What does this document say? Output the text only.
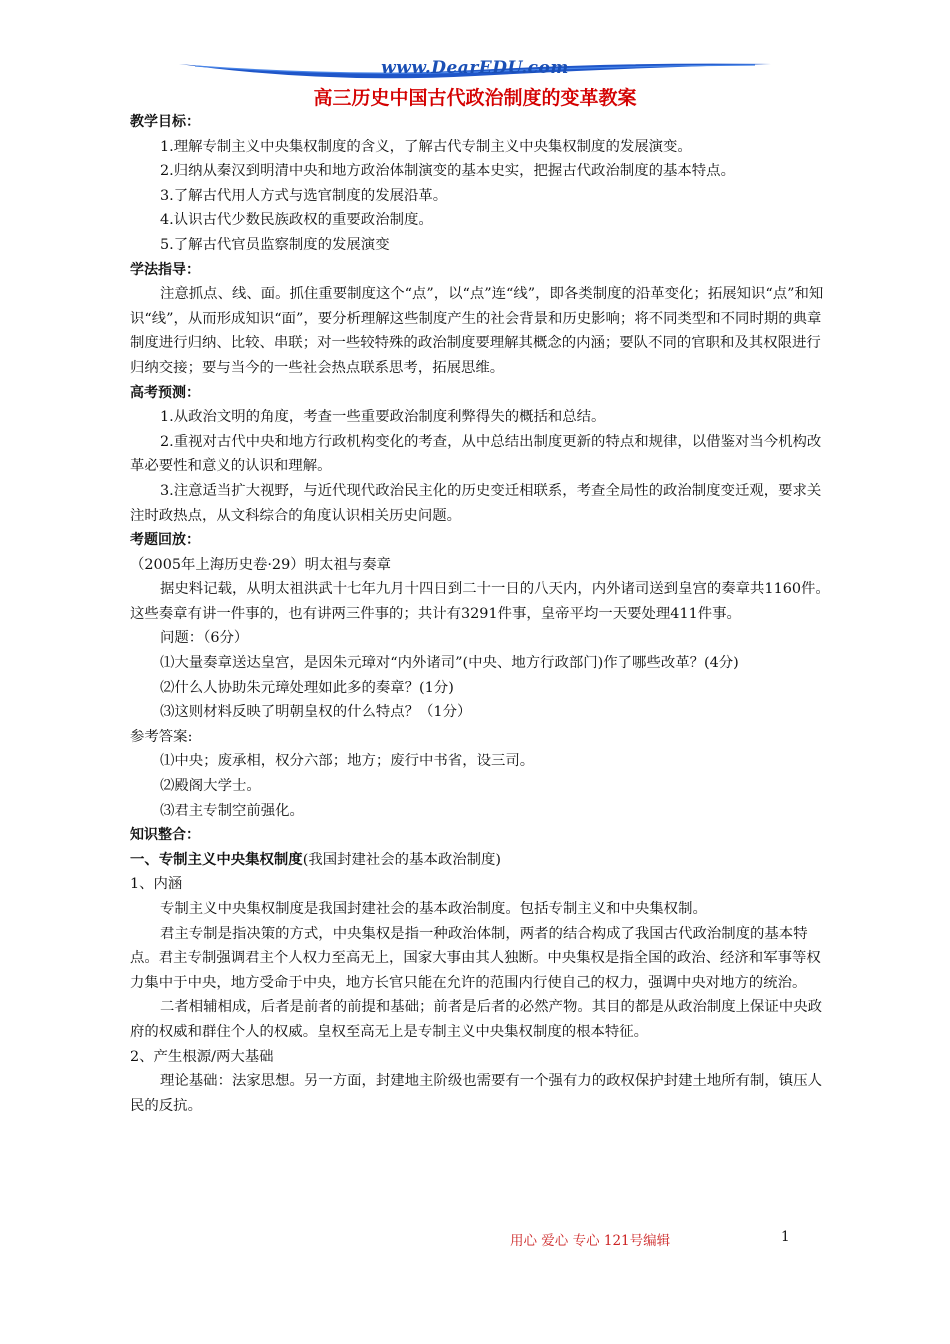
www.DearEDU.com
高三历史中国古代政治制度的变革教案

教学目标：

1.理解专制主义中央集权制度的含义，了解古代专制主义中央集权制度的发展演变。

2.归纳从秦汉到明清中央和地方政治体制演变的基本史实，把握古代政治制度的基本特点。

3.了解古代用人方式与选官制度的发展沿革。

4.认识古代少数民族政权的重要政治制度。

5.了解古代官员监察制度的发展演变

学法指导：

注意抓点、线、面。抓住重要制度这个“点”，以“点”连“线”，即各类制度的沿革变化；拓展知识“点”和知识“线”，从而形成知识“面”，要分析理解这些制度产生的社会背景和历史影响；将不同类型和不同时期的典章制度进行归纳、比较、串联；对一些较特殊的政治制度要理解其概念的内涵；要队不同的官职和及其权限进行归纳交接；要与当今的一些社会热点联系思考，拓展思维。

高考预测：

1.从政治文明的角度，考查一些重要政治制度利弊得失的概括和总结。

2.重视对古代中央和地方行政机构变化的考查，从中总结出制度更新的特点和规律，以借鉴对当今机构改革必要性和意义的认识和理解。

3.注意适当扩大视野，与近代现代政治民主化的历史变迁相联系，考查全局性的政治制度变迁观，要求关注时政热点，从文科综合的角度认识相关历史问题。

考题回放：

（2005年上海历史卷·29）明太祖与奏章

据史料记载，从明太祖洪武十七年九月十四日到二十一日的八天内，内外诸司送到皇宫的奏章共1160件。这些奏章有讲一件事的，也有讲两三件事的；共计有3291件事，皇帝平均一天要处理411件事。

问题：（6分）

⑴大量奏章送达皇宫，是因朱元璋对“内外诸司”(中央、地方行政部门)作了哪些改革？(4分)

⑵什么人协助朱元璋处理如此多的奏章？(1分)

⑶这则材料反映了明朝皇权的什么特点？（1分）

参考答案:

⑴中央；废承相，权分六部；地方；废行中书省，设三司。

⑵殿阁大学士。

⑶君主专制空前强化。

知识整合：

一、专制主义中央集权制度(我国封建社会的基本政治制度)

1、内涵

专制主义中央集权制度是我国封建社会的基本政治制度。包括专制主义和中央集权制。

君主专制是指决策的方式，中央集权是指一种政治体制，两者的结合构成了我国古代政治制度的基本特点。君主专制强调君主个人权力至高无上，国家大事由其人独断。中央集权是指全国的政治、经济和军事等权力集中于中央，地方受命于中央，地方长官只能在允许的范围内行使自己的权力，强调中央对地方的统治。

二者相辅相成，后者是前者的前提和基础；前者是后者的必然产物。其目的都是从政治制度上保证中央政府的权威和群住个人的权威。皇权至高无上是专制主义中央集权制度的根本特征。

2、产生根源/两大基础

理论基础：法家思想。另一方面，封建地主阶级也需要有一个强有力的政权保护封建土地所有制，镇压人民的反抗。

用心 爱心 专心 121号编辑	1
